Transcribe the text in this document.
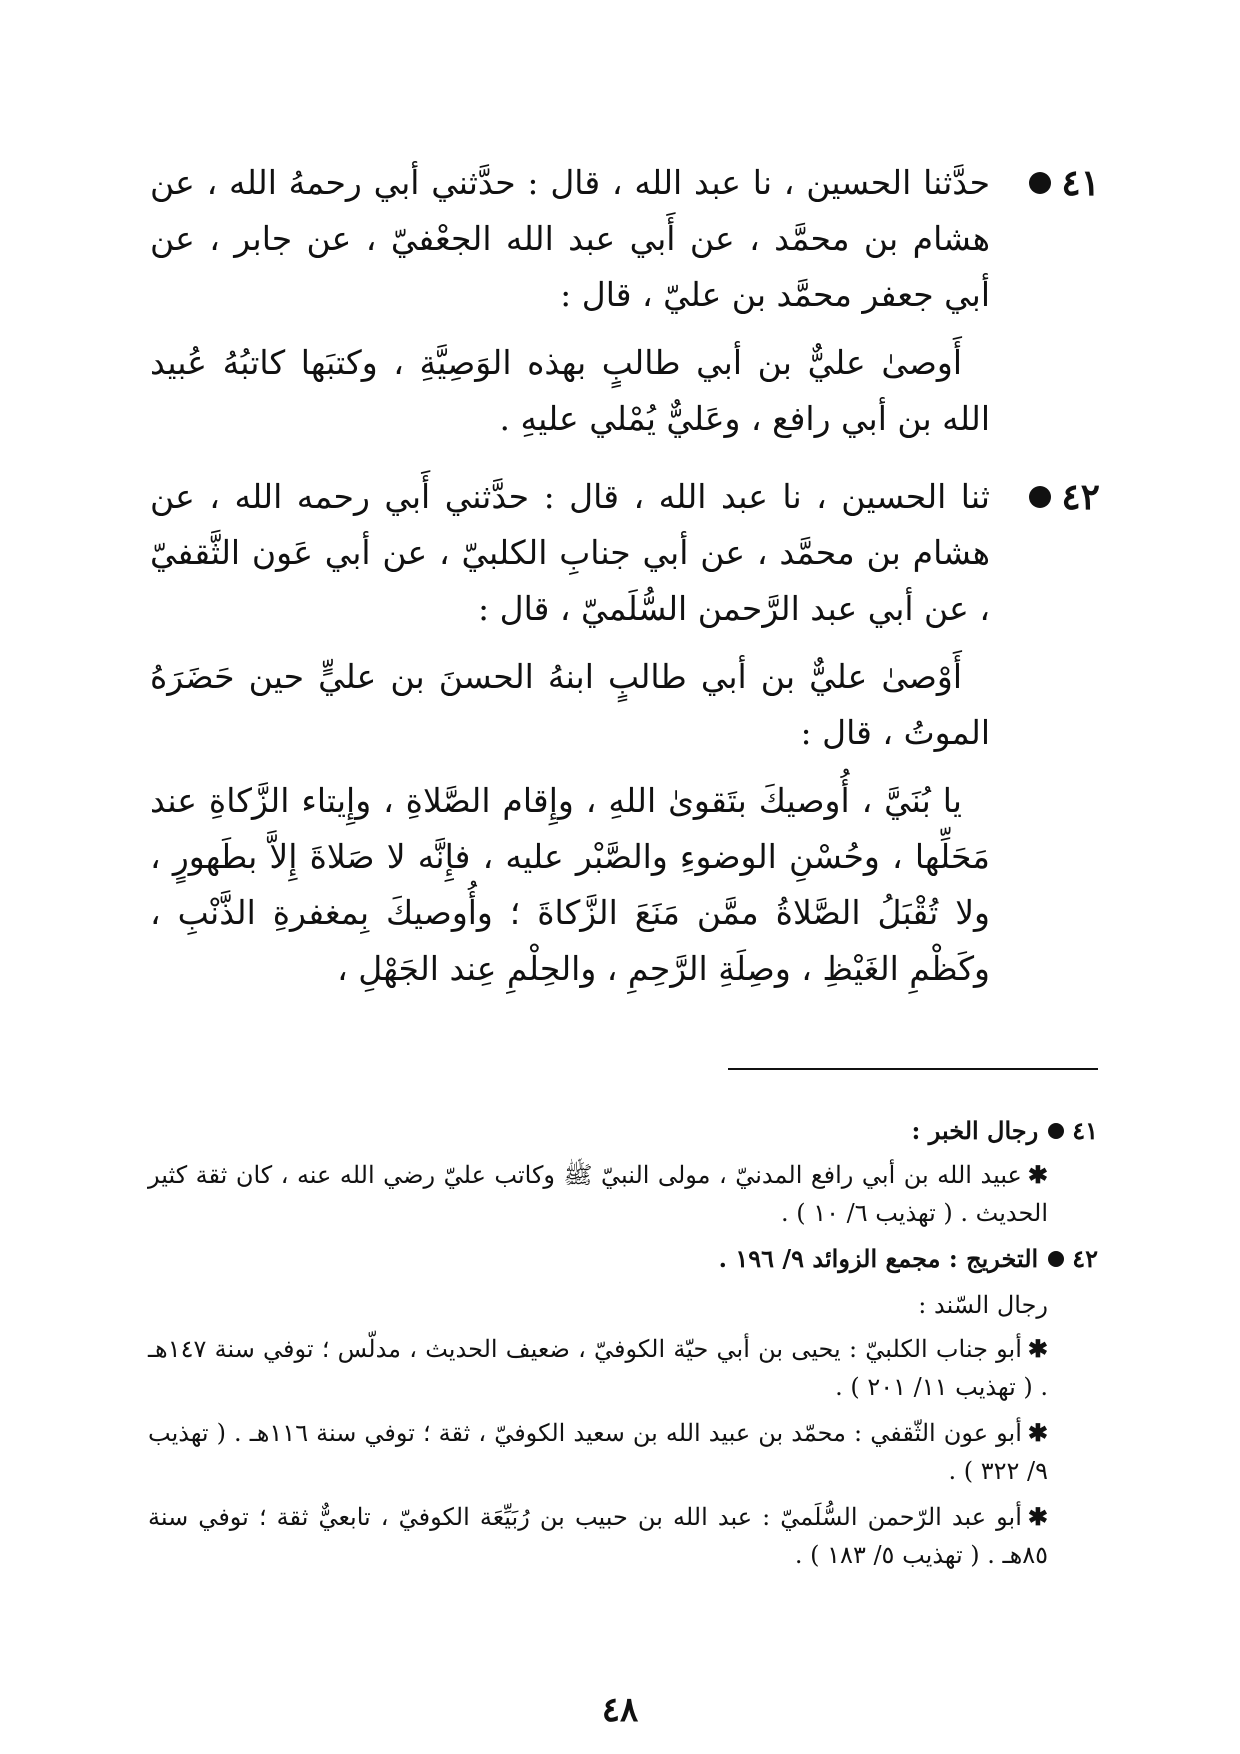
٤١
حدَّثنا الحسين ، نا عبد الله ، قال : حدَّثني أبي رحمهُ الله ، عن هشام بن محمَّد ، عن أَبي عبد الله الجعْفيّ ، عن جابر ، عن أبي جعفر محمَّد بن عليّ ، قال :

أَوصىٰ عليٌّ بن أبي طالبٍ بهذه الوَصِيَّةِ ، وكتبَها كاتبُهُ عُبيد الله بن أبي رافع ، وعَليٌّ يُمْلي عليهِ .

٤٢
ثنا الحسين ، نا عبد الله ، قال : حدَّثني أَبي رحمه الله ، عن هشام بن محمَّد ، عن أبي جنابِ الكلبيّ ، عن أبي عَون الثَّقفيّ ، عن أبي عبد الرَّحمن السُّلَميّ ، قال :

أَوْصىٰ عليٌّ بن أبي طالبٍ ابنهُ الحسنَ بن عليٍّ حين حَضَرَهُ الموتُ ، قال :

يا بُنَيَّ ، أُوصيكَ بتَقوىٰ اللهِ ، وإِقام الصَّلاةِ ، وإِيتاء الزَّكاةِ عند مَحَلِّها ، وحُسْنِ الوضوءِ والصَّبْر عليه ، فإِنَّه لا صَلاةَ إِلاَّ بطَهورٍ ، ولا تُقْبَلُ الصَّلاةُ ممَّن مَنَعَ الزَّكاةَ ؛ وأُوصيكَ بِمغفرةِ الذَّنْبِ ، وكَظْمِ الغَيْظِ ، وصِلَةِ الرَّحِمِ ، والحِلْمِ عِند الجَهْلِ ،

٤١
رجال الخبر :

✱عبيد الله بن أبي رافع المدنيّ ، مولى النبيّ ﷺ وكاتب عليّ رضي الله عنه ، كان ثقة كثير الحديث . ( تهذيب ٦/ ١٠ ) .

٤٢
التخريج : مجمع الزوائد ٩/ ١٩٦ .
رجال السّند :

✱أبو جناب الكلبيّ : يحيى بن أبي حيّة الكوفيّ ، ضعيف الحديث ، مدلّس ؛ توفي سنة ١٤٧هـ . ( تهذيب ١١/ ٢٠١ ) .

✱أبو عون الثّقفي : محمّد بن عبيد الله بن سعيد الكوفيّ ، ثقة ؛ توفي سنة ١١٦هـ . ( تهذيب ٩/ ٣٢٢ ) .

✱أبو عبد الرّحمن السُّلَميّ : عبد الله بن حبيب بن رُبَيِّعَة الكوفيّ ، تابعيٌّ ثقة ؛ توفي سنة ٨٥هـ . ( تهذيب ٥/ ١٨٣ ) .

٤٨
